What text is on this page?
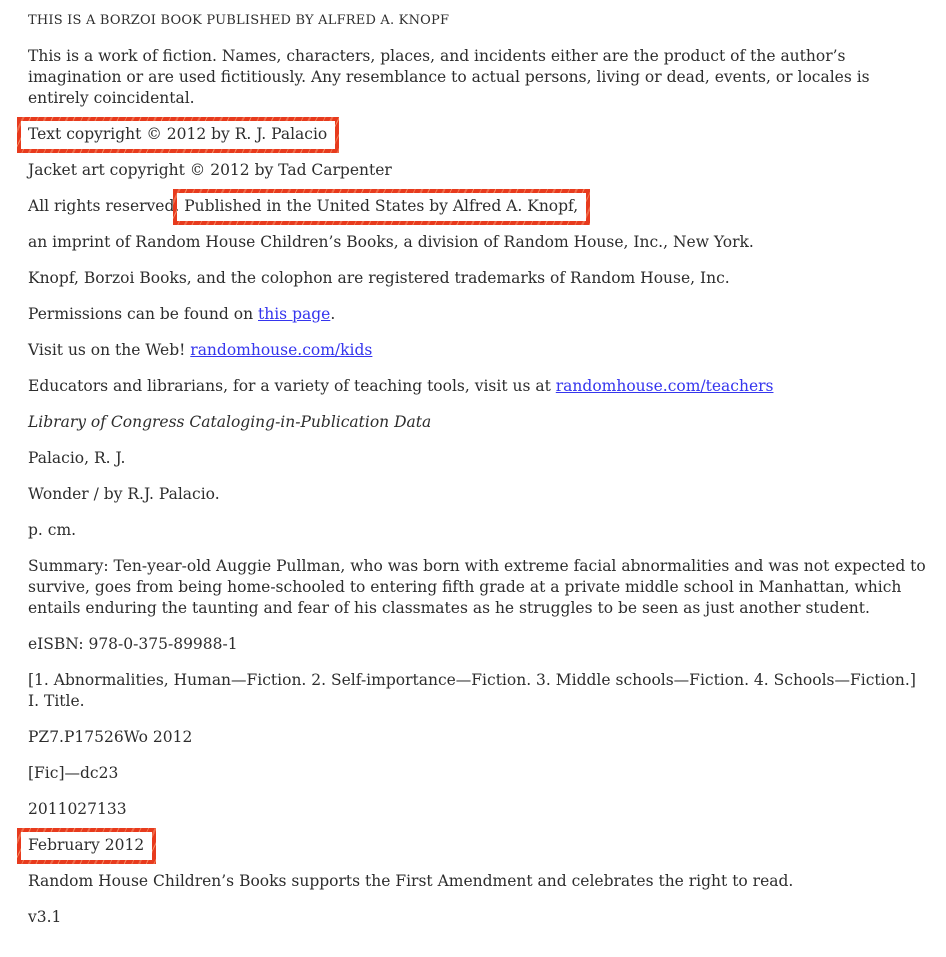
THIS IS A BORZOI BOOK PUBLISHED BY ALFRED A. KNOPF

This is a work of fiction. Names, characters, places, and incidents either are the product of the author’s imagination or are used fictitiously. Any resemblance to actual persons, living or dead, events, or locales is entirely coincidental.

Text copyright © 2012 by R. J. Palacio

Jacket art copyright © 2012 by Tad Carpenter

All rights reserved. Published in the United States by Alfred A. Knopf,

an imprint of Random House Children’s Books, a division of Random House, Inc., New York.

Knopf, Borzoi Books, and the colophon are registered trademarks of Random House, Inc.

Permissions can be found on this page.

Visit us on the Web! randomhouse.com/kids

Educators and librarians, for a variety of teaching tools, visit us at randomhouse.com/teachers

Library of Congress Cataloging-in-Publication Data

Palacio, R. J.

Wonder / by R.J. Palacio.

p. cm.

Summary: Ten-year-old Auggie Pullman, who was born with extreme facial abnormalities and was not expected to survive, goes from being home-schooled to entering fifth grade at a private middle school in Manhattan, which entails enduring the taunting and fear of his classmates as he struggles to be seen as just another student.

eISBN: 978-0-375-89988-1

[1. Abnormalities, Human—Fiction. 2. Self-importance—Fiction. 3. Middle schools—Fiction. 4. Schools—Fiction.] I. Title.

PZ7.P17526Wo 2012

[Fic]—dc23

2011027133

February 2012

Random House Children’s Books supports the First Amendment and celebrates the right to read.

v3.1
